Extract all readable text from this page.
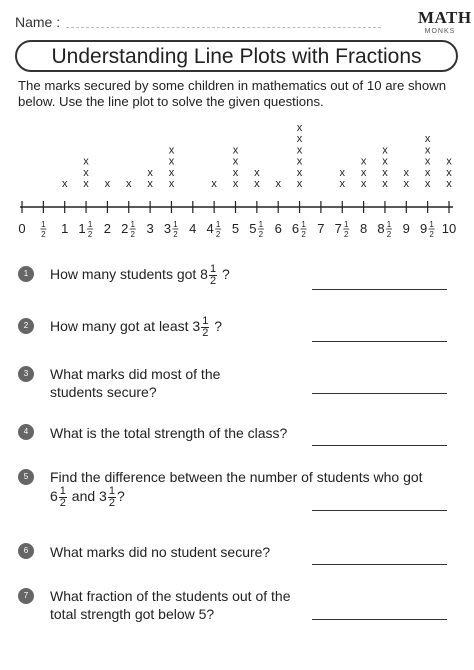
Name :	MATH
MONKS
Understanding Line Plots with Fractions
The marks secured by some children in mathematics out of 10 are shown below. Use the line plot to solve the given questions.
0 1
2 1
x
1 1
2
x
x
x
2
x
2 1
2
x
3
x
x
3 1
2
x
x
x
x
4 4 1
2
x
5
x
x
x
x
5 1
2
x
x
6
x
6 1
2
x
x
x
x
x
x
7 7 1
2
x
x
8
x
x
x
8 1
2
x
x
x
x
9
x
x
9 1
2
x
x
x
x
x
10
x
x
x
1	How many students got $8 \frac{1}{2}$ ?
2	How many got at least $3 \frac{1}{2}$ ?
3	What marks did most of the
students secure?
4	What is the total strength of the class?
5	Find the difference between the number of students who got
$6 \frac{1}{2}$ and $3 \frac{1}{2}$ ?
6	What marks did no student secure?
7	What fraction of the students out of the
total strength got below 5?
